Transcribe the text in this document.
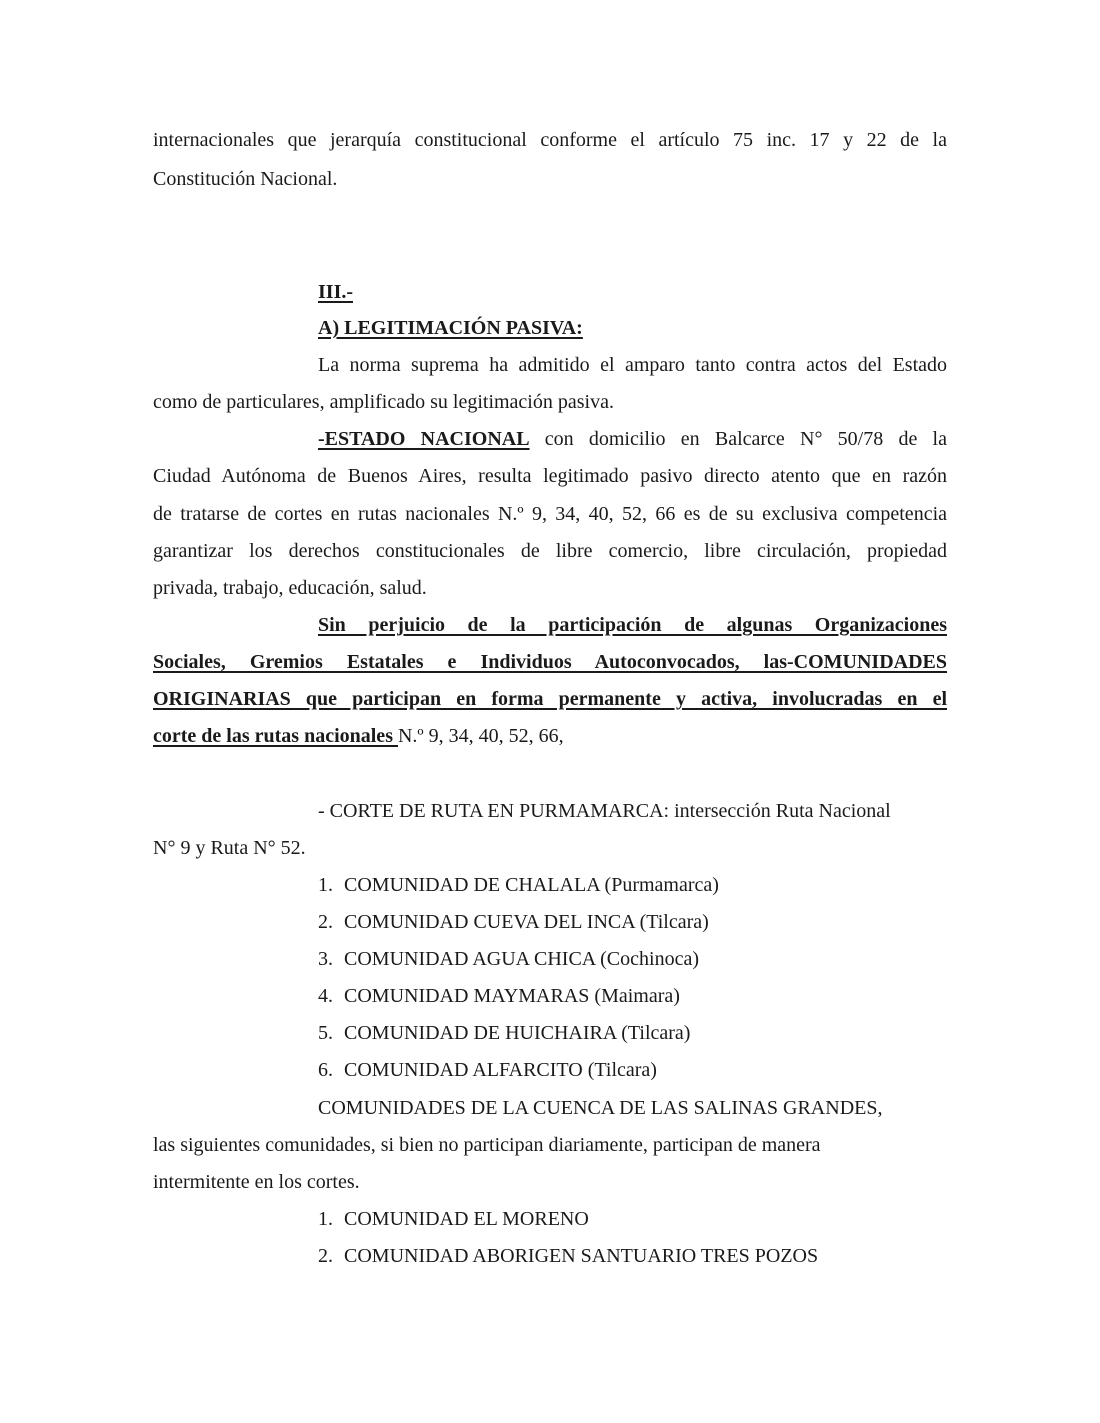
internacionales que jerarquía constitucional conforme el artículo 75 inc. 17 y 22 de la
Constitución Nacional.
III.-
A) LEGITIMACIÓN PASIVA:
La norma suprema ha admitido el amparo tanto contra actos del Estado
como de particulares, amplificado su legitimación pasiva.
-ESTADO NACIONAL con domicilio en Balcarce N° 50/78 de la
Ciudad Autónoma de Buenos Aires, resulta legitimado pasivo directo atento que en razón
de tratarse de cortes en rutas nacionales N.º 9, 34, 40, 52, 66 es de su exclusiva competencia
garantizar los derechos constitucionales de libre comercio, libre circulación, propiedad
privada, trabajo, educación, salud.
Sin perjuicio de la participación de algunas Organizaciones
Sociales, Gremios Estatales e Individuos Autoconvocados, las-COMUNIDADES
ORIGINARIAS que participan en forma permanente y activa, involucradas en el
corte de las rutas nacionales N.º 9, 34, 40, 52, 66,
- CORTE DE RUTA EN PURMAMARCA: intersección Ruta Nacional
N° 9 y Ruta N° 52.
1. COMUNIDAD DE CHALALA (Purmamarca)
2. COMUNIDAD CUEVA DEL INCA (Tilcara)
3. COMUNIDAD AGUA CHICA (Cochinoca)
4. COMUNIDAD MAYMARAS (Maimara)
5. COMUNIDAD DE HUICHAIRA (Tilcara)
6. COMUNIDAD ALFARCITO (Tilcara)
COMUNIDADES DE LA CUENCA DE LAS SALINAS GRANDES,
las siguientes comunidades, si bien no participan diariamente, participan de manera
intermitente en los cortes.
1. COMUNIDAD EL MORENO
2. COMUNIDAD ABORIGEN SANTUARIO TRES POZOS
